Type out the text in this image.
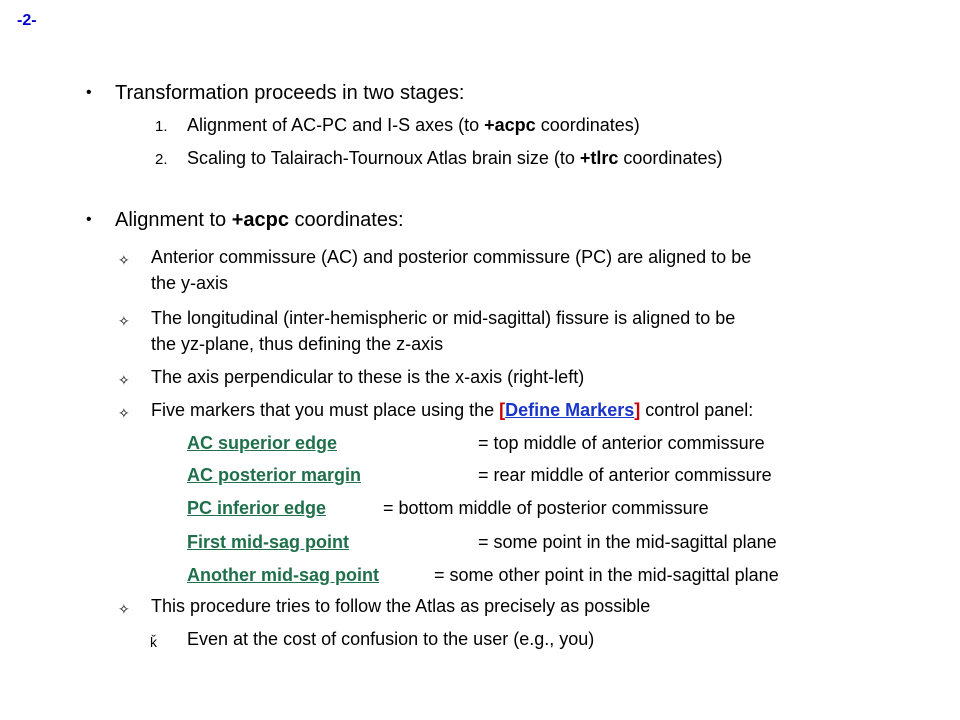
-2-
• Transformation proceeds in two stages:
1. Alignment of AC-PC and I-S axes (to +acpc coordinates)
2. Scaling to Talairach-Tournoux Atlas brain size (to +tlrc coordinates)
• Alignment to +acpc coordinates:
✧ Anterior commissure (AC) and posterior commissure (PC) are aligned to be
the y-axis
✧ The longitudinal (inter-hemispheric or mid-sagittal) fissure is aligned to be
the yz-plane, thus defining the z-axis
✧ The axis perpendicular to these is the x-axis (right-left)
✧ Five markers that you must place using the [Define Markers] control panel:
AC superior edge	= top middle of anterior commissure
AC posterior margin	= rear middle of anterior commissure
PC inferior edge	= bottom middle of posterior commissure
First mid-sag point	= some point in the mid-sagittal plane
Another mid-sag point	= some other point in the mid-sagittal plane
✧ This procedure tries to follow the Atlas as precisely as possible
ǩ Even at the cost of confusion to the user (e.g., you)
